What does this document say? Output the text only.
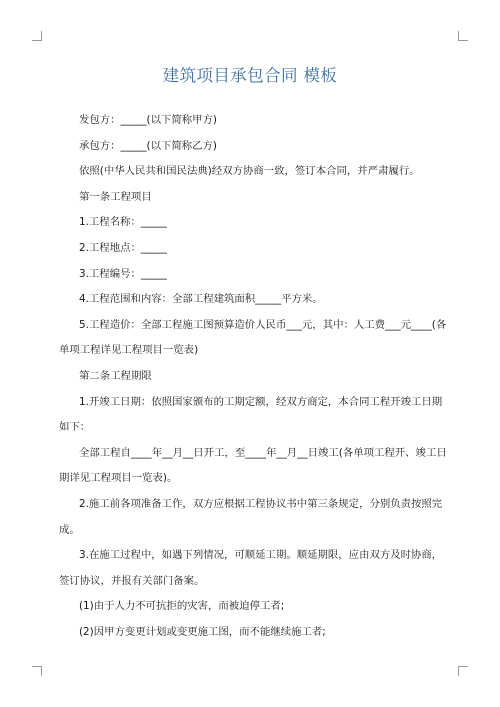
建筑项目承包合同 模板

发包方：_____(以下简称甲方)

承包方：_____(以下简称乙方)

依照(中华人民共和国民法典)经双方协商一致，签订本合同，并严肃履行。

第一条工程项目

1.工程名称：_____

2.工程地点：_____

3.工程编号：_____

4.工程范围和内容：全部工程建筑面积_____平方米。

5.工程造价：全部工程施工图预算造价人民币___元，其中：人工费___元____(各

单项工程详见工程项目一览表)

第二条工程期限

1.开竣工日期：依照国家颁布的工期定额，经双方商定，本合同工程开竣工日期

如下：

全部工程自____年__月__日开工，至____年__月__日竣工(各单项工程开、竣工日

期详见工程项目一览表)。

2.施工前各项准备工作，双方应根据工程协议书中第三条规定，分别负责按照完

成。

3.在施工过程中，如遇下列情况，可顺延工期。顺延期限，应由双方及时协商，

签订协议，并报有关部门备案。

(1)由于人力不可抗拒的灾害，而被迫停工者;

(2)因甲方变更计划或变更施工图，而不能继续施工者;
